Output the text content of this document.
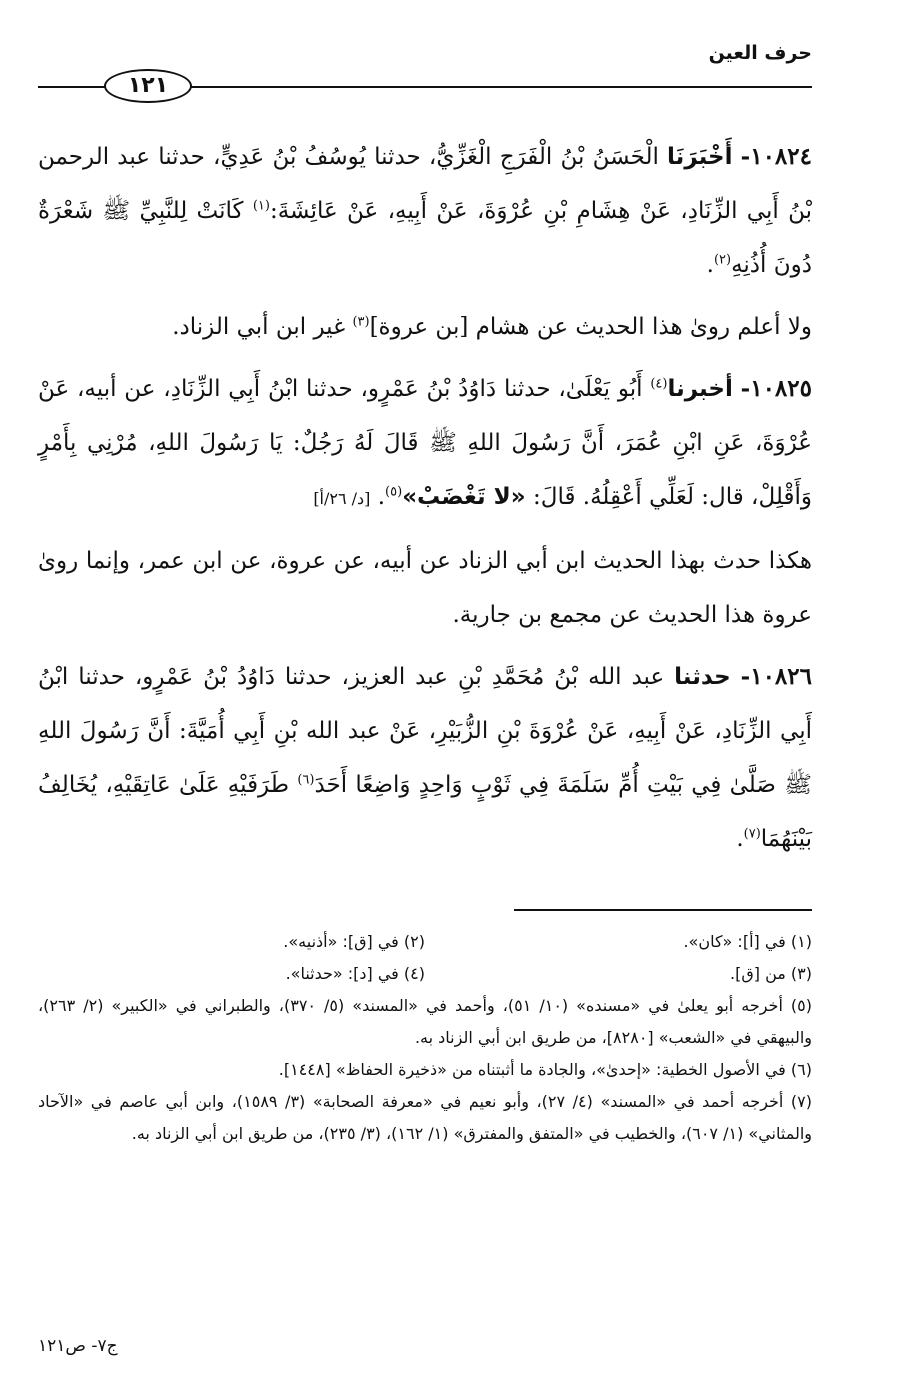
حرف العين
١٢١

١٠٨٢٤- أَخْبَرَنَا الْحَسَنُ بْنُ الْفَرَجِ الْغَزِّيُّ، حدثنا يُوسُفُ بْنُ عَدِيٍّ، حدثنا عبد الرحمن بْنُ أَبِي الزِّنَادِ، عَنْ هِشَامِ بْنِ عُرْوَةَ، عَنْ أَبِيهِ، عَنْ عَائِشَةَ:$^{(١)}$ كَانَتْ لِلنَّبِيِّ ﷺ شَعْرَةٌ دُونَ أُذُنِهِ$^{(٢)}$.

ولا أعلم روىٰ هذا الحديث عن هشام [بن عروة]$^{(٣)}$ غير ابن أبي الزناد.

١٠٨٢٥- أخبرنا$^{(٤)}$ أَبُو يَعْلَىٰ، حدثنا دَاوُدُ بْنُ عَمْرٍو، حدثنا ابْنُ أَبِي الزِّنَادِ، عن أبيه، عَنْ عُرْوَةَ، عَنِ ابْنِ عُمَرَ، أَنَّ رَسُولَ اللهِ ﷺ قَالَ لَهُ رَجُلٌ: يَا رَسُولَ اللهِ، مُرْنِي بِأَمْرٍ وَأَقْلِلْ، قال: لَعَلِّي أَعْقِلُهُ. قَالَ: «لا تَغْضَبْ»$^{(٥)}$. [د/ ٢٦/أ]

هكذا حدث بهذا الحديث ابن أبي الزناد عن أبيه، عن عروة، عن ابن عمر، وإنما روىٰ عروة هذا الحديث عن مجمع بن جارية.

١٠٨٢٦- حدثنا عبد الله بْنُ مُحَمَّدِ بْنِ عبد العزيز، حدثنا دَاوُدُ بْنُ عَمْرٍو، حدثنا ابْنُ أَبِي الزِّنَادِ، عَنْ أَبِيهِ، عَنْ عُرْوَةَ بْنِ الزُّبَيْرِ، عَنْ عبد الله بْنِ أَبِي أُمَيَّةَ: أَنَّ رَسُولَ اللهِ ﷺ صَلَّىٰ فِي بَيْتِ أُمِّ سَلَمَةَ فِي ثَوْبٍ وَاحِدٍ وَاضِعًا أَحَدَ$^{(٦)}$ طَرَفَيْهِ عَلَىٰ عَاتِقَيْهِ، يُخَالِفُ بَيْنَهُمَا$^{(٧)}$.

(١) في [أ]: «كان».
(٢) في [ق]: «أذنيه».
(٣) من [ق].
(٤) في [د]: «حدثنا».

(٥) أخرجه أبو يعلىٰ في «مسنده» (١٠/ ٥١)، وأحمد في «المسند» (٥/ ٣٧٠)، والطبراني في «الكبير» (٢/ ٢٦٣)، والبيهقي في «الشعب» [٨٢٨٠]، من طريق ابن أبي الزناد به.

(٦) في الأصول الخطية: «إحدىٰ»، والجادة ما أثبتناه من «ذخيرة الحفاظ» [١٤٤٨].

(٧) أخرجه أحمد في «المسند» (٤/ ٢٧)، وأبو نعيم في «معرفة الصحابة» (٣/ ١٥٨٩)، وابن أبي عاصم في «الآحاد والمثاني» (١/ ٦٠٧)، والخطيب في «المتفق والمفترق» (١/ ١٦٢)، (٣/ ٢٣٥)، من طريق ابن أبي الزناد به.

ج٧- ص١٢١
